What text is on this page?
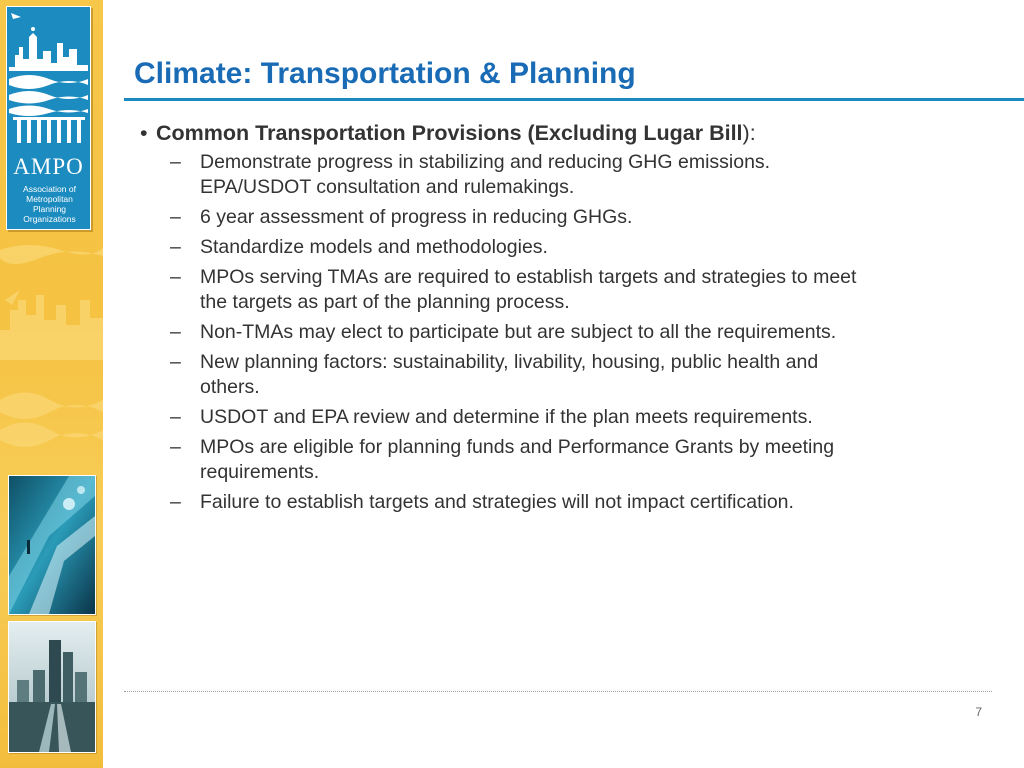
AMPO
Association of
Metropolitan
Planning
Organizations
Climate: Transportation & Planning
• Common Transportation Provisions (Excluding Lugar Bill):
– Demonstrate progress in stabilizing and reducing GHG emissions.
EPA/USDOT consultation and rulemakings.
– 6 year assessment of progress in reducing GHGs.
– Standardize models and methodologies.
– MPOs serving TMAs are required to establish targets and strategies to meet
the targets as part of the planning process.
– Non-TMAs may elect to participate but are subject to all the requirements.
– New planning factors: sustainability, livability, housing, public health and
others.
– USDOT and EPA review and determine if the plan meets requirements.
– MPOs are eligible for planning funds and Performance Grants by meeting
requirements.
– Failure to establish targets and strategies will not impact certification.
7
